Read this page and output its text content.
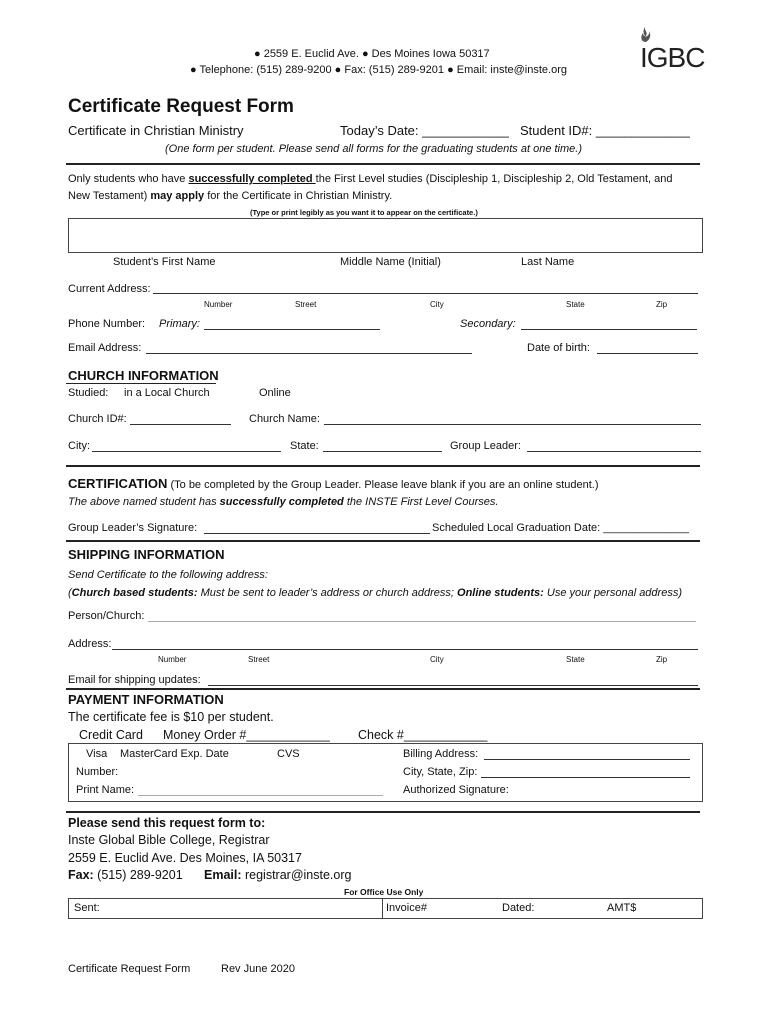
● 2559 E. Euclid Ave. ● Des Moines Iowa 50317
● Telephone: (515) 289-9200 ● Fax: (515) 289-9201 ● Email: inste@inste.org	IGBC
Certificate Request Form
Certificate in Christian Ministry	Today’s Date: ____________ Student ID#: _____________
(One form per student. Please send all forms for the graduating students at one time.)
Only students who have successfully completed the First Level studies (Discipleship 1, Discipleship 2, Old Testament, and
New Testament) may apply for the Certificate in Christian Ministry.
(Type or print legibly as you want it to appear on the certificate.)
Student’s First Name	Middle Name (Initial)	Last Name
Current Address:
Number	Street	City	State	Zip
Phone Number: Primary:	Secondary:
Email Address:	Date of birth:
CHURCH INFORMATION
Studied: in a Local Church	Online
Church ID#:	Church Name:
City:	State:	Group Leader:
CERTIFICATION (To be completed by the Group Leader. Please leave blank if you are an online student.)
The above named student has successfully completed the INSTE First Level Courses.
Group Leader’s Signature:	Scheduled Local Graduation Date: ______________
SHIPPING INFORMATION
Send Certificate to the following address:
(Church based students: Must be sent to leader’s address or church address; Online students: Use your personal address)
Person/Church:
Address:
Number	Street	City	State	Zip
Email for shipping updates:
PAYMENT INFORMATION
The certificate fee is $10 per student.
Credit Card Money Order #____________ Check #____________
Visa MasterCard Exp. Date	CVS	Billing Address:
Number:	City, State, Zip:
Print Name:	Authorized Signature:
Please send this request form to:
Inste Global Bible College, Registrar
2559 E. Euclid Ave. Des Moines, IA 50317
Fax: (515) 289-9201 Email: registrar@inste.org
For Office Use Only
Sent:	Invoice#	Dated:	AMT$
Certificate Request Form	Rev June 2020
